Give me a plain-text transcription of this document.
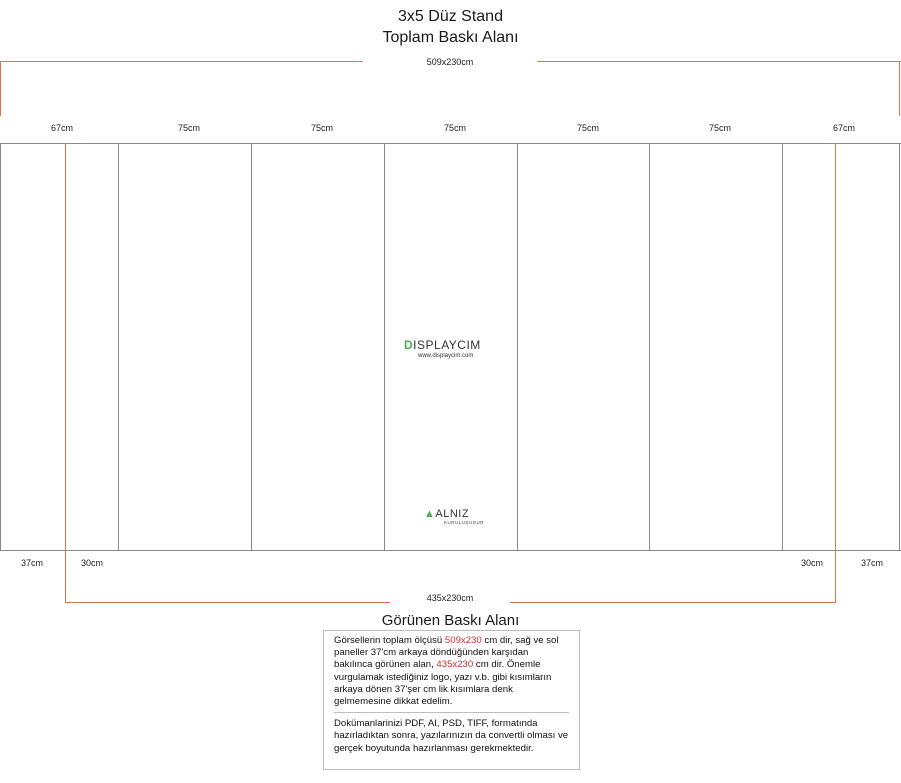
3x5 Düz Stand
Toplam Baskı Alanı
509x230cm
67cm	75cm	75cm	75cm	75cm	75cm	67cm
37cm	30cm	30cm	37cm
435x230cm
Görünen Baskı Alanı
DISPLAYCIM
www.displaycim.com
▲ALNIZ
KURULUŞUDUR

Görsellerin toplam ölçüsü 509x230 cm dir, sağ ve sol paneller 37'cm arkaya döndüğünden karşıdan bakılınca görünen alan, 435x230 cm dir. Önemle vurgulamak istediğiniz logo, yazı v.b. gibi kısımların arkaya dönen 37'şer cm lik kısımlara denk gelmemesine dikkat edelim.

Dokümanlarinizi PDF, AI, PSD, TIFF, formatında hazırladıktan sonra, yazılarınızın da convertli olması ve gerçek boyutunda hazırlanması gerekmektedir.
